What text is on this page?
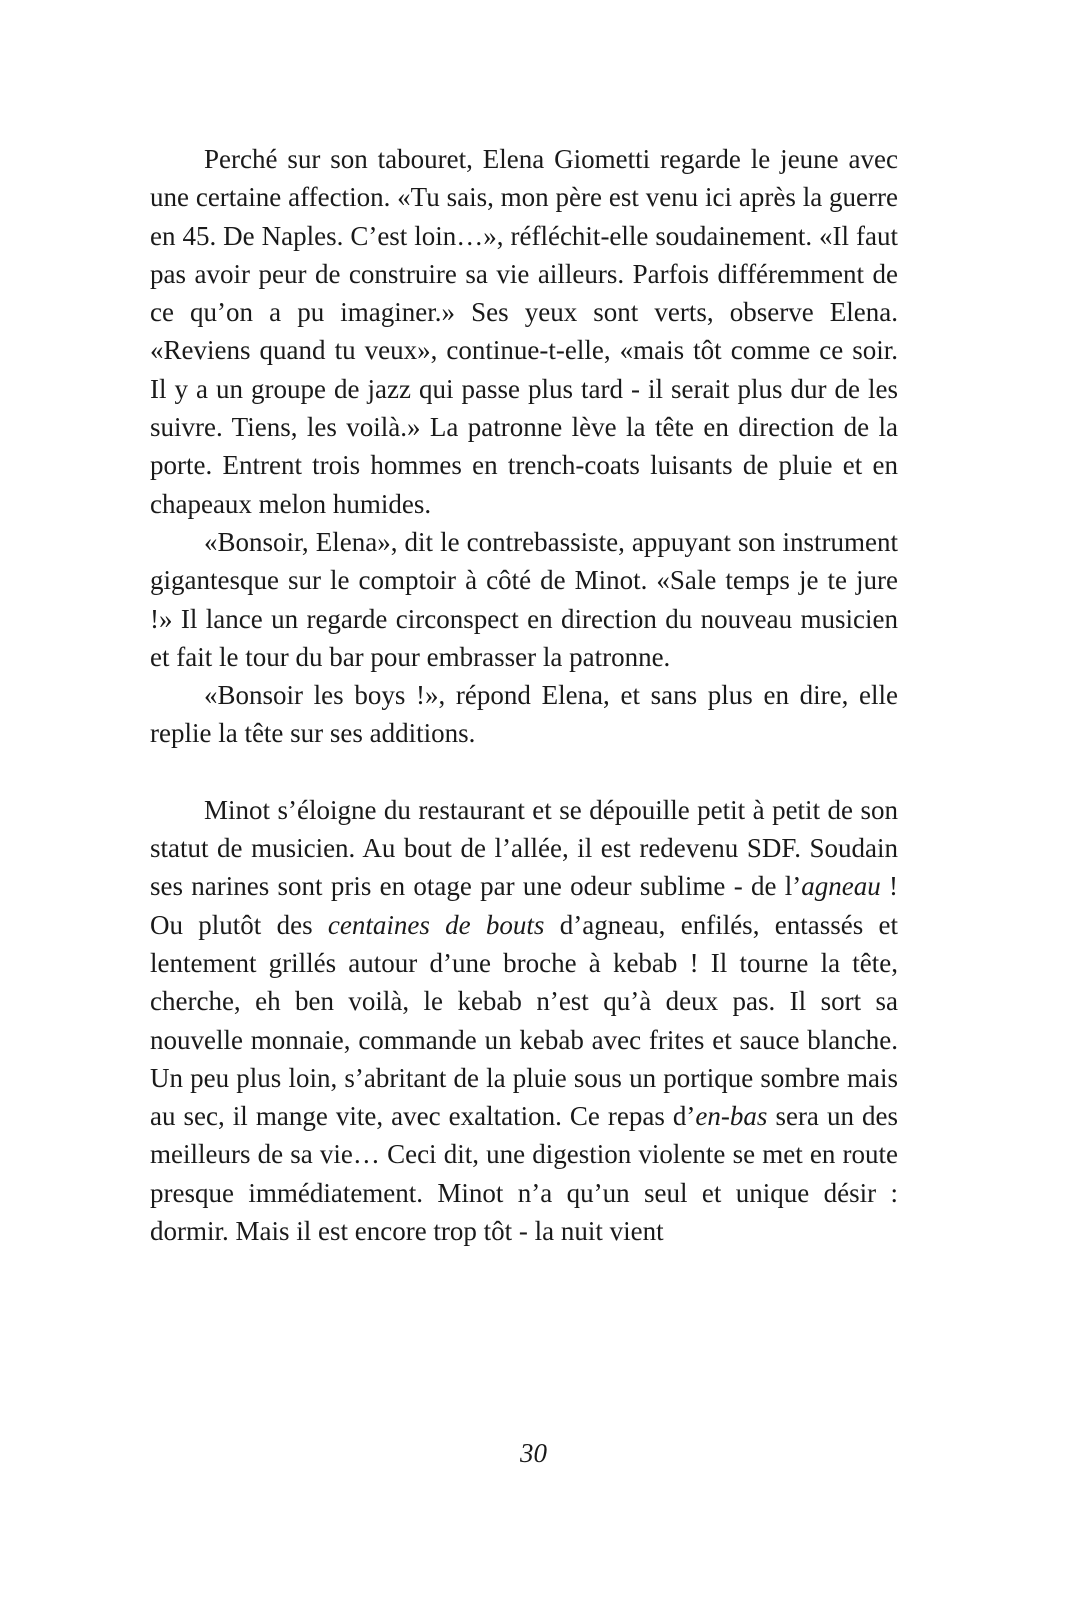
Perché sur son tabouret, Elena Giometti regarde le jeune avec une certaine affection. «Tu sais, mon père est venu ici après la guerre en 45. De Naples. C’est loin…», réfléchit-elle soudainement. «Il faut pas avoir peur de construire sa vie ailleurs. Parfois différemment de ce qu’on a pu imaginer.» Ses yeux sont verts, observe Elena. «Reviens quand tu veux», continue-t-elle, «mais tôt comme ce soir. Il y a un groupe de jazz qui passe plus tard - il serait plus dur de les suivre. Tiens, les voilà.» La patronne lève la tête en direction de la porte. Entrent trois hommes en trench-coats luisants de pluie et en chapeaux melon humides.

«Bonsoir, Elena», dit le contrebassiste, appuyant son instrument gigantesque sur le comptoir à côté de Minot. «Sale temps je te jure !» Il lance un regarde circonspect en direction du nouveau musicien et fait le tour du bar pour embrasser la patronne.

«Bonsoir les boys !», répond Elena, et sans plus en dire, elle replie la tête sur ses additions.

Minot s’éloigne du restaurant et se dépouille petit à petit de son statut de musicien. Au bout de l’allée, il est redevenu SDF. Soudain ses narines sont pris en otage par une odeur sublime - de l’agneau ! Ou plutôt des centaines de bouts d’agneau, enfilés, entassés et lentement grillés autour d’une broche à kebab ! Il tourne la tête, cherche, eh ben voilà, le kebab n’est qu’à deux pas. Il sort sa nouvelle monnaie, commande un kebab avec frites et sauce blanche. Un peu plus loin, s’abritant de la pluie sous un portique sombre mais au sec, il mange vite, avec exaltation. Ce repas d’en-bas sera un des meilleurs de sa vie… Ceci dit, une digestion violente se met en route presque immédiatement. Minot n’a qu’un seul et unique désir : dormir. Mais il est encore trop tôt - la nuit vient

30
